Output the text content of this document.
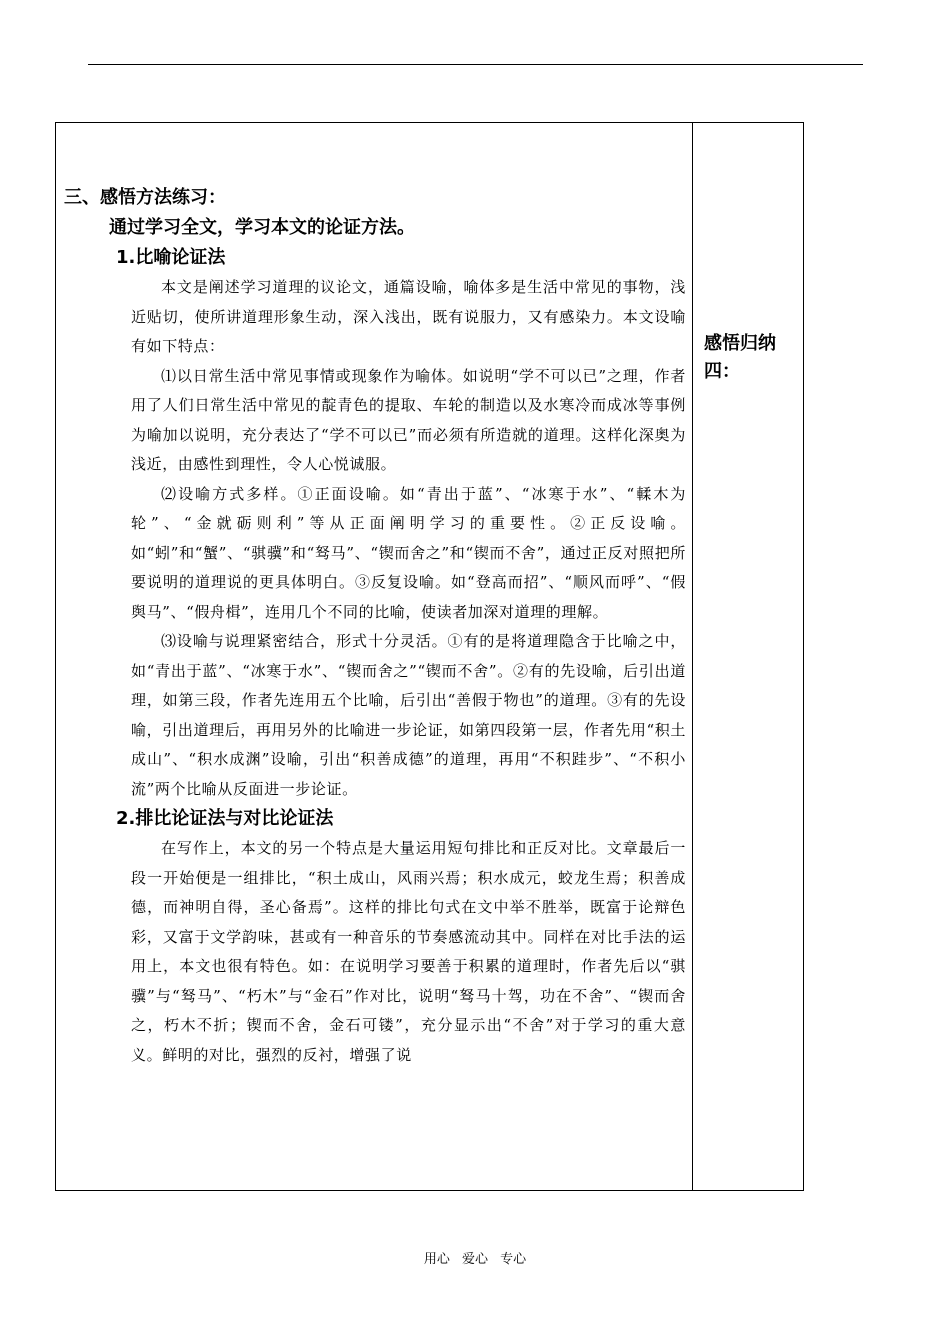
三、感悟方法练习：

通过学习全文，学习本文的论证方法。

1.比喻论证法

本文是阐述学习道理的议论文，通篇设喻，喻体多是生活中常见的事物，浅近贴切，使所讲道理形象生动，深入浅出，既有说服力，又有感染力。本文设喻有如下特点：

⑴以日常生活中常见事情或现象作为喻体。如说明“学不可以已”之理，作者用了人们日常生活中常见的靛青色的提取、车轮的制造以及水寒冷而成冰等事例为喻加以说明，充分表达了“学不可以已”而必须有所造就的道理。这样化深奥为浅近，由感性到理性，令人心悦诚服。

⑵设喻方式多样。①正面设喻。如“青出于蓝”、“冰寒于水”、“輮木为轮”、“金就砺则利”等从正面阐明学习的重要性。②正反设喻。如“蚓”和“蟹”、“骐骥”和“驽马”、“锲而舍之”和“锲而不舍”，通过正反对照把所要说明的道理说的更具体明白。③反复设喻。如“登高而招”、“顺风而呼”、“假舆马”、“假舟楫”，连用几个不同的比喻，使读者加深对道理的理解。

⑶设喻与说理紧密结合，形式十分灵活。①有的是将道理隐含于比喻之中，如“青出于蓝”、“冰寒于水”、“锲而舍之”“锲而不舍”。②有的先设喻，后引出道理，如第三段，作者先连用五个比喻，后引出“善假于物也”的道理。③有的先设喻，引出道理后，再用另外的比喻进一步论证，如第四段第一层，作者先用“积土成山”、“积水成渊”设喻，引出“积善成德”的道理，再用“不积跬步”、“不积小流”两个比喻从反面进一步论证。

2.排比论证法与对比论证法

在写作上，本文的另一个特点是大量运用短句排比和正反对比。文章最后一段一开始便是一组排比，“积土成山，风雨兴焉；积水成元，蛟龙生焉；积善成德，而神明自得，圣心备焉”。这样的排比句式在文中举不胜举，既富于论辩色彩，又富于文学韵味，甚或有一种音乐的节奏感流动其中。同样在对比手法的运用上，本文也很有特色。如：在说明学习要善于积累的道理时，作者先后以“骐骥”与“驽马”、“朽木”与“金石”作对比，说明“驽马十驾，功在不舍”、“锲而舍之，朽木不折；锲而不舍，金石可镂”，充分显示出“不舍”对于学习的重大意义。鲜明的对比，强烈的反衬，增强了说

感悟归纳四：
用心 爱心 专心
